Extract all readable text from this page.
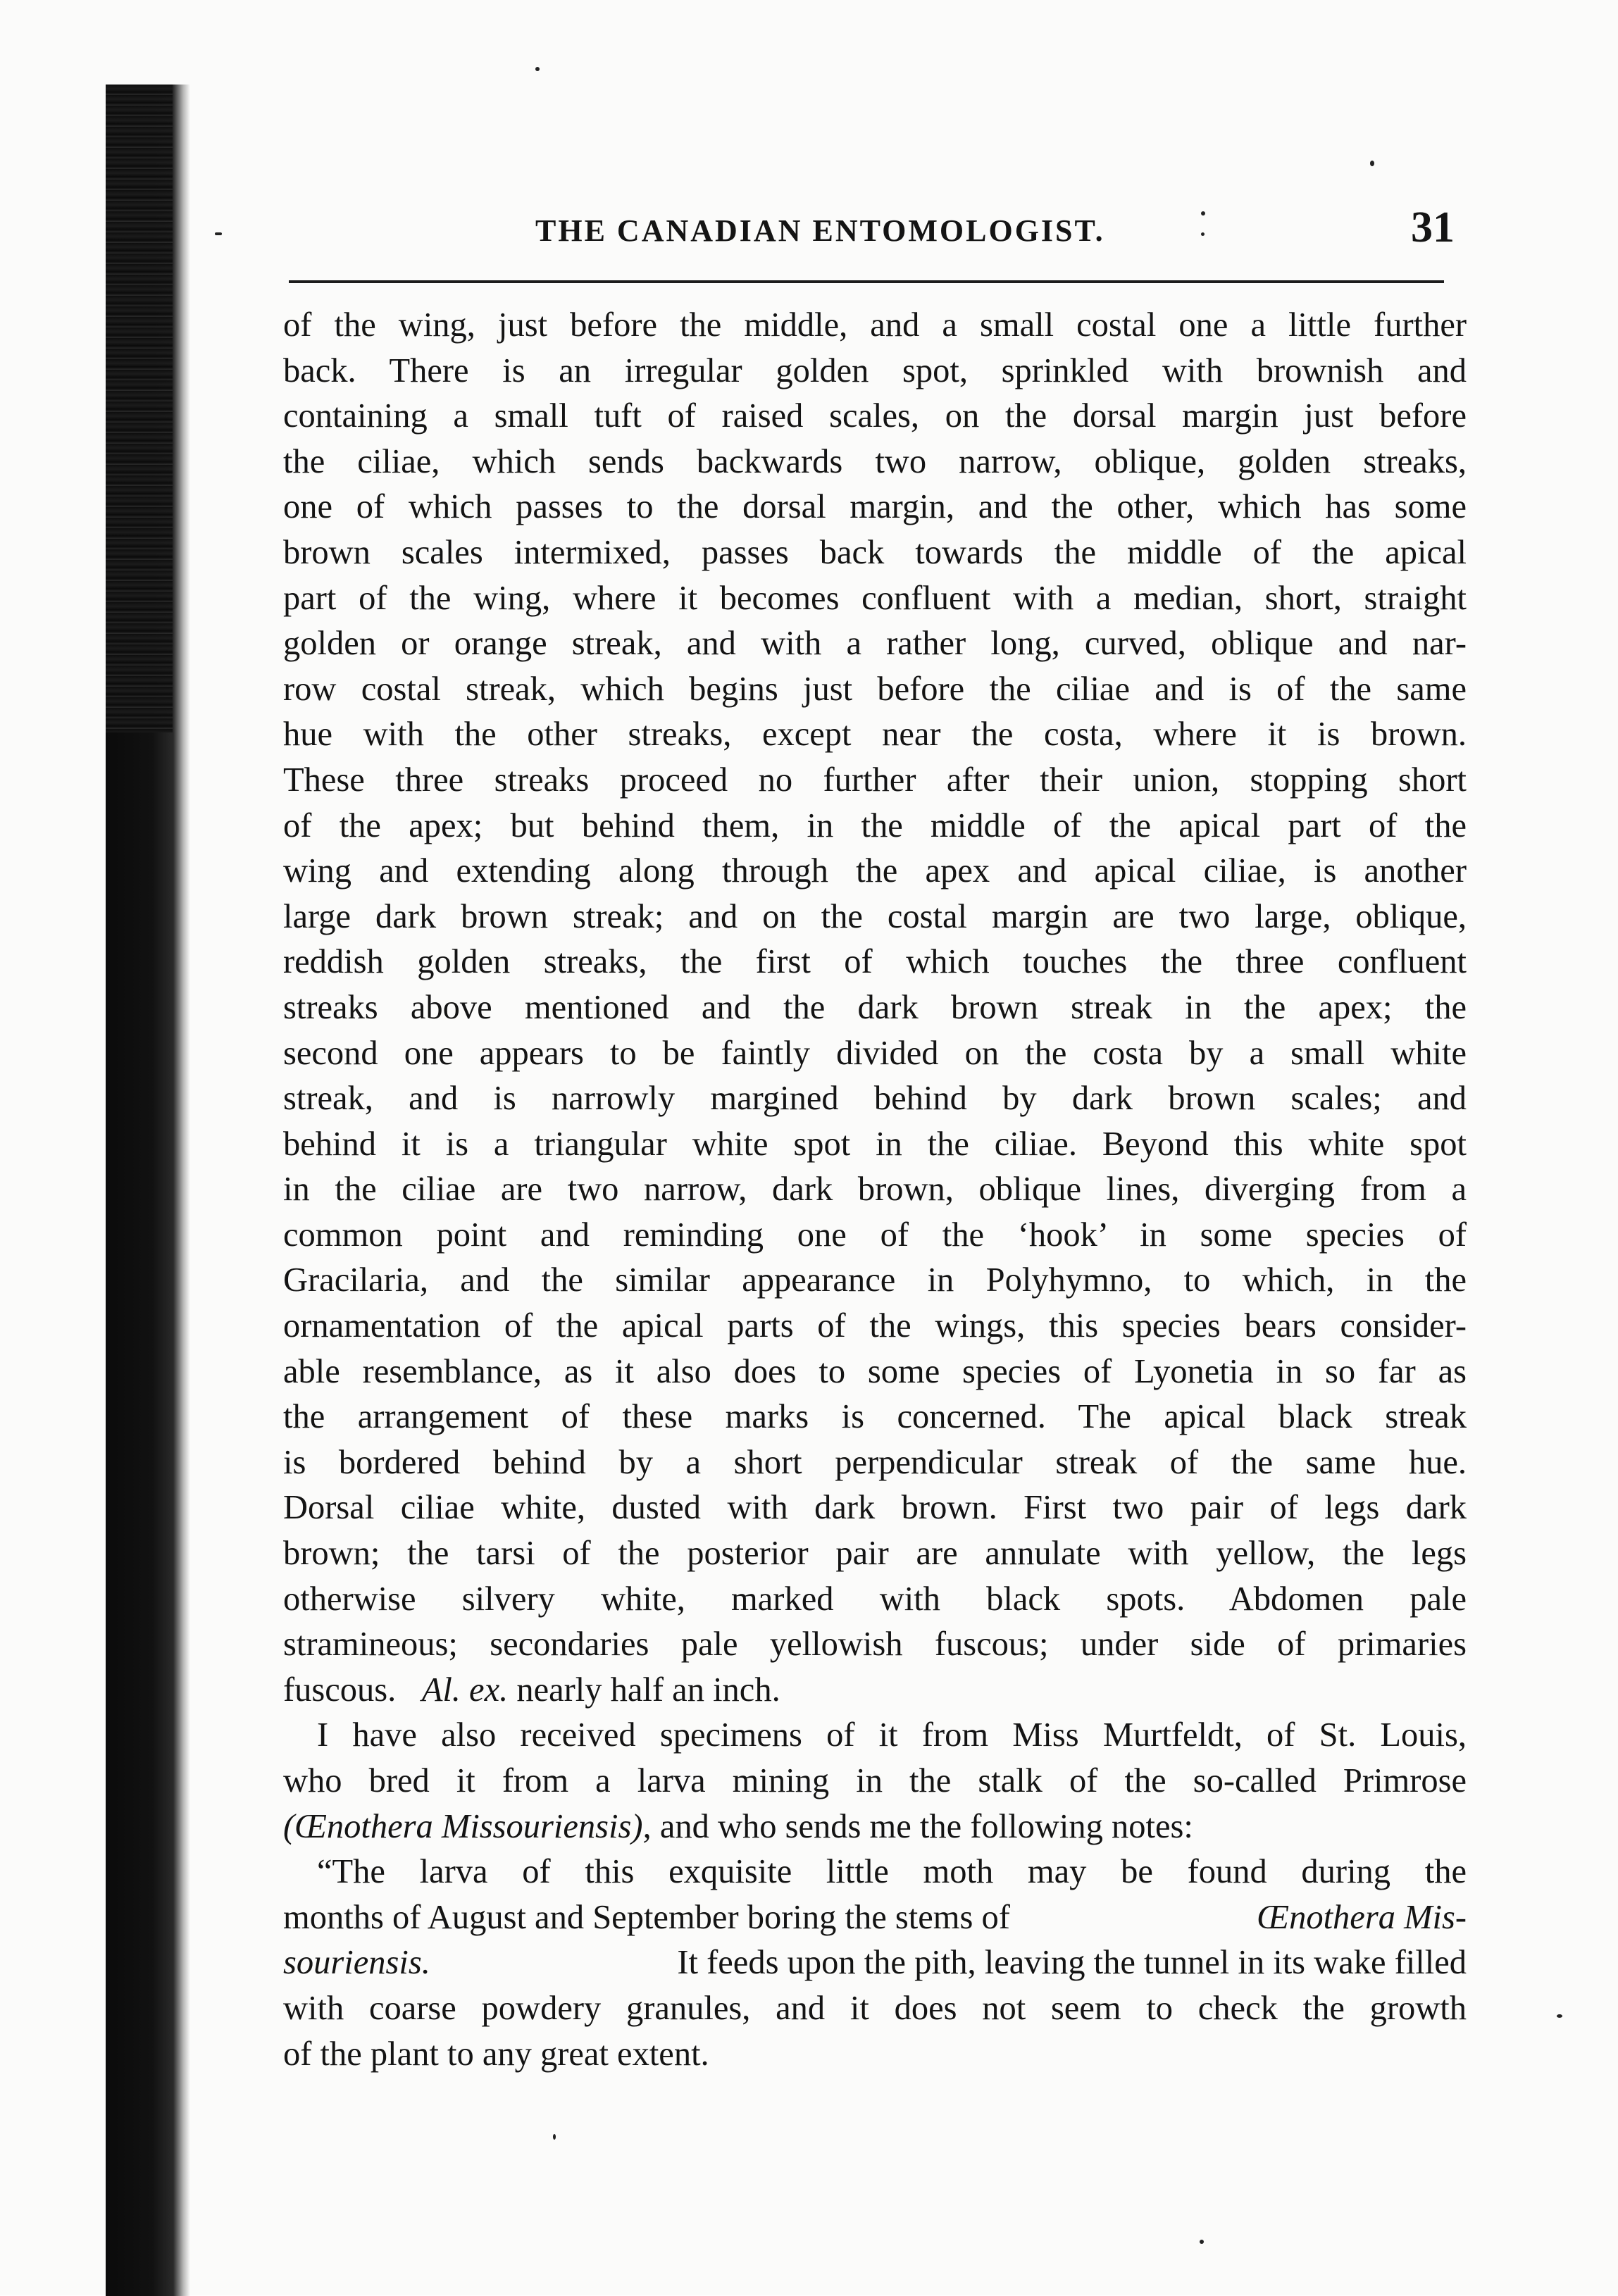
THE CANADIAN ENTOMOLOGIST.	31
of the wing, just before the middle, and a small costal one a little further
back. There is an irregular golden spot, sprinkled with brownish and
containing a small tuft of raised scales, on the dorsal margin just before
the ciliae, which sends backwards two narrow, oblique, golden streaks,
one of which passes to the dorsal margin, and the other, which has some
brown scales intermixed, passes back towards the middle of the apical
part of the wing, where it becomes confluent with a median, short, straight
golden or orange streak, and with a rather long, curved, oblique and nar-
row costal streak, which begins just before the ciliae and is of the same
hue with the other streaks, except near the costa, where it is brown.
These three streaks proceed no further after their union, stopping short
of the apex; but behind them, in the middle of the apical part of the
wing and extending along through the apex and apical ciliae, is another
large dark brown streak; and on the costal margin are two large, oblique,
reddish golden streaks, the first of which touches the three confluent
streaks above mentioned and the dark brown streak in the apex; the
second one appears to be faintly divided on the costa by a small white
streak, and is narrowly margined behind by dark brown scales; and
behind it is a triangular white spot in the ciliae. Beyond this white spot
in the ciliae are two narrow, dark brown, oblique lines, diverging from a
common point and reminding one of the ‘hook’ in some species of
Gracilaria, and the similar appearance in Polyhymno, to which, in the
ornamentation of the apical parts of the wings, this species bears consider-
able resemblance, as it also does to some species of Lyonetia in so far as
the arrangement of these marks is concerned. The apical black streak
is bordered behind by a short perpendicular streak of the same hue.
Dorsal ciliae white, dusted with dark brown. First two pair of legs dark
brown; the tarsi of the posterior pair are annulate with yellow, the legs
otherwise silvery white, marked with black spots. Abdomen pale
stramineous; secondaries pale yellowish fuscous; under side of primaries
fuscous. Al. ex. nearly half an inch.
I have also received specimens of it from Miss Murtfeldt, of St. Louis,
who bred it from a larva mining in the stalk of the so-called Primrose
(Œnothera Missouriensis), and who sends me the following notes:
“The larva of this exquisite little moth may be found during the
months of August and September boring the stems of
	Œnothera Mis-
souriensis.
	It feeds upon the pith, leaving the tunnel in its wake filled
with coarse powdery granules, and it does not seem to check the growth
of the plant to any great extent.
